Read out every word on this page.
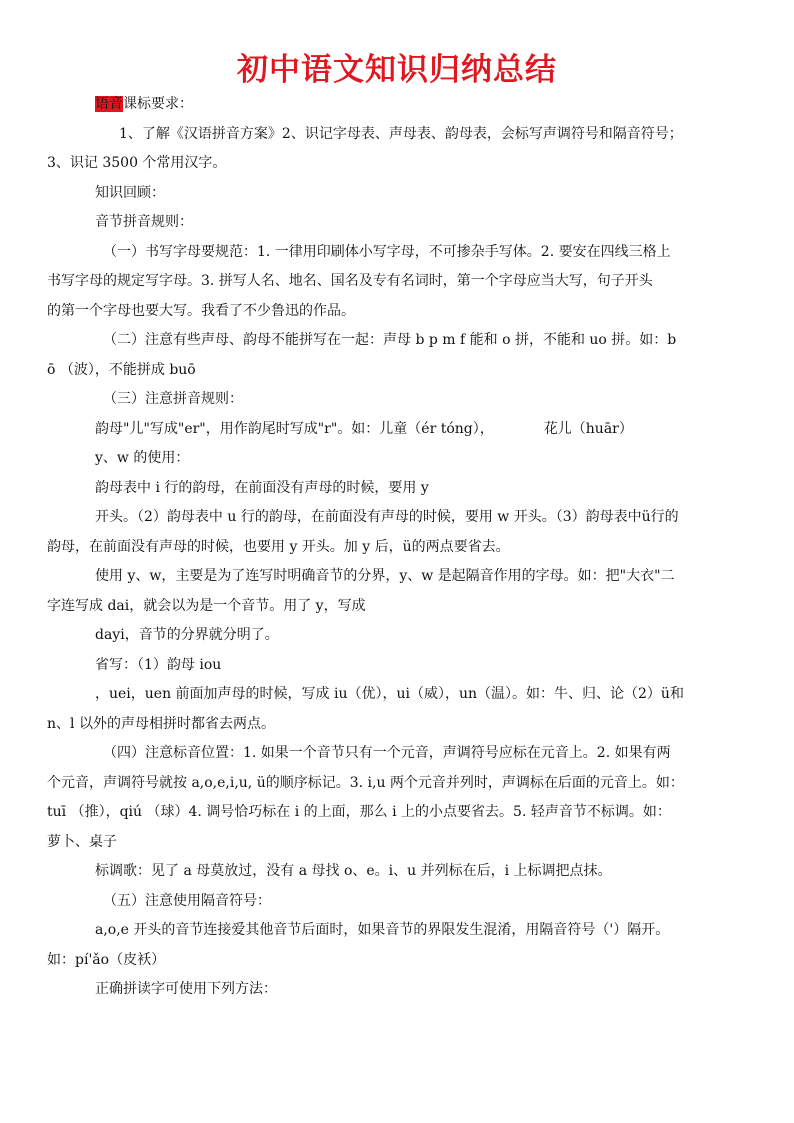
初中语文知识归纳总结

语音课标要求：

1、了解《汉语拼音方案》2、识记字母表、声母表、韵母表，会标写声调符号和隔音符号；

3、识记 3500 个常用汉字。

知识回顾：

音节拼音规则：

（一）书写字母要规范：1. 一律用印刷体小写字母，不可掺杂手写体。2. 要安在四线三格上

书写字母的规定写字母。3. 拼写人名、地名、国名及专有名词时，第一个字母应当大写，句子开头

的第一个字母也要大写。我看了不少鲁迅的作品。

（二）注意有些声母、韵母不能拼写在一起：声母 b p m f 能和 o 拼，不能和 uo 拼。如：b

ō （波），不能拼成 buō

（三）注意拼音规则：

韵母"儿"写成"er"，用作韵尾时写成"r"。如：儿童（ér tóng），	花儿（huār）

y、w 的使用：

韵母表中 i 行的韵母，在前面没有声母的时候，要用 y

开头。（2）韵母表中 u 行的韵母，在前面没有声母的时候，要用 w 开头。（3）韵母表中ü行的

韵母，在前面没有声母的时候，也要用 y 开头。加 y 后，ü的两点要省去。

使用 y、w，主要是为了连写时明确音节的分界，y、w 是起隔音作用的字母。如：把"大衣"二

字连写成 dai，就会以为是一个音节。用了 y，写成

dayi，音节的分界就分明了。

省写：（1）韵母 iou

，uei，uen 前面加声母的时候，写成 iu（优），ui（威），un（温）。如：牛、归、论（2）ü和

n、l 以外的声母相拼时都省去两点。

（四）注意标音位置：1. 如果一个音节只有一个元音，声调符号应标在元音上。2. 如果有两

个元音，声调符号就按 a,o,e,i,u, ü的顺序标记。3. i,u 两个元音并列时，声调标在后面的元音上。如：

tuī （推），qiú （球）4. 调号恰巧标在 i 的上面，那么 i 上的小点要省去。5. 轻声音节不标调。如：

萝卜、桌子

标调歌：见了 a 母莫放过，没有 a 母找 o、e。i、u 并列标在后，i 上标调把点抹。

（五）注意使用隔音符号：

a,o,e 开头的音节连接爱其他音节后面时，如果音节的界限发生混淆，用隔音符号（'）隔开。

如：pí'ǎo（皮袄）

正确拼读字可使用下列方法：
